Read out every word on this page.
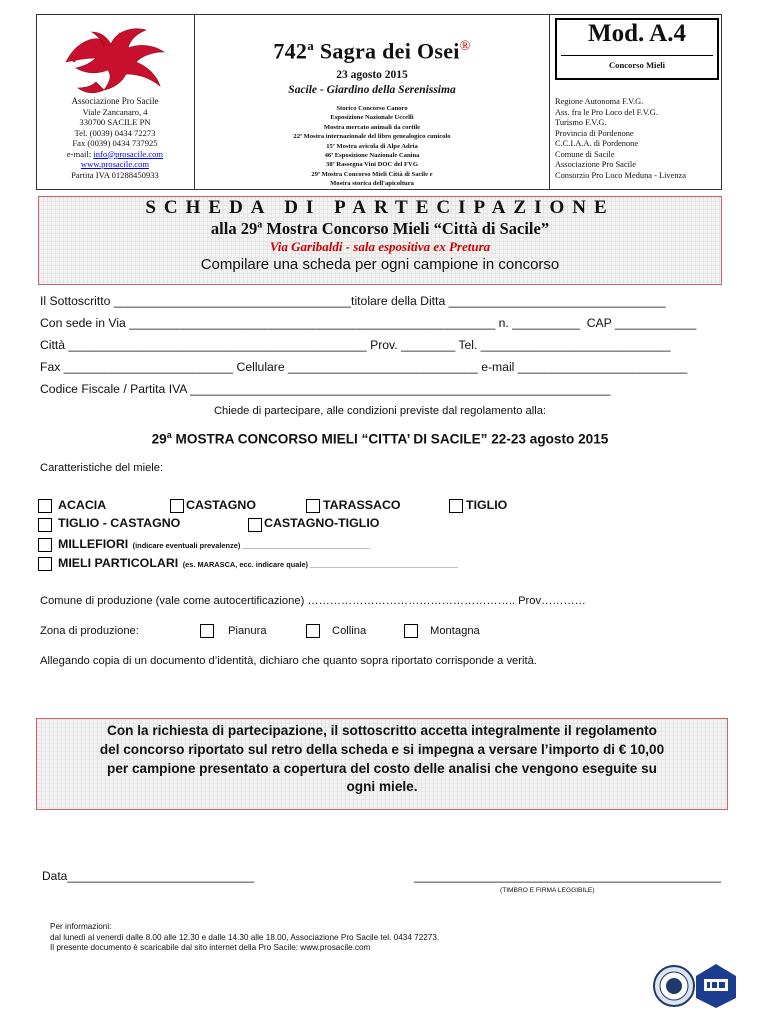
Associazione Pro Sacile
Viale Zancanaro, 4
330700 SACILE PN
Tel. (0039) 0434 72273
Fax (0039) 0434 737925
e-mail: info@prosacile.com
www.prosacile.com
Partita IVA 01288450933
742$^a$ Sagra dei Osei®
23 agosto 2015
Sacile - Giardino della Serenissima
Storico Concorso Canoro
Esposizione Nazionale Uccelli
Mostra mercato animali da cortile
22ª Mostra internazionale del libro genealogico cunicolo
15ª Mostra avicola di Alpe Adria
46ª Esposizione Nazionale Canina
38ª Rassegna Vini DOC del FVG
29ª Mostra Concorso Mieli Città di Sacile e
Mostra storica dell'apicoltura
Mod. A.4
Concorso Mieli
Regione Autonoma F.V.G.
Ass. fra le Pro Loco del F.V.G.
Turismo F.V.G.
Provincia di Pordenone
C.C.I.A.A. di Pordenone
Comune di Sacile
Associazione Pro Sacile
Consorzio Pro Loco Meduna - Livenza
SCHEDA DI PARTECIPAZIONE
alla 29$^a$ Mostra Concorso Mieli “Città di Sacile”
Via Garibaldi - sala espositiva ex Pretura
Compilare una scheda per ogni campione in concorso
Il Sottoscritto ___________________________________titolare della Ditta ________________________________
Con sede in Via ______________________________________________________ n. __________  CAP ____________
Città ____________________________________________ Prov. ________ Tel. ____________________________
Fax _________________________ Cellulare ____________________________ e-mail _________________________
Codice Fiscale / Partita IVA ______________________________________________________________
Chiede di partecipare, alle condizioni previste dal regolamento alla:
29$^a$ MOSTRA CONCORSO MIELI “CITTA’ DI SACILE” 22-23 agosto 2015
Caratteristiche del miele:
ACACIA	CASTAGNO	TARASSACO	TIGLIO
TIGLIO - CASTAGNO	CASTAGNO-TIGLIO
MILLEFIORI (indicare eventuali prevalenze) _______________________________
MIELI PARTICOLARI (es. MARASCA, ecc. indicare quale) ____________________________________
Comune di produzione (vale come autocertificazione) ……………………………………………….. Prov…………
Zona di produzione:	Pianura	Collina	Montagna
Allegando copia di un documento d’identità, dichiaro che quanto sopra riportato corrisponde a verità.
Con la richiesta di partecipazione, il sottoscritto accetta integralmente il regolamento
del concorso riportato sul retro della scheda e si impegna a versare l’importo di € 10,00
per campione presentato a copertura del costo delle analisi che vengono eseguite su
ogni miele.
Data____________________________	______________________________________________
(TIMBRO E FIRMA LEGGIBILE)
Per informazioni:
dal lunedì al venerdì dalle 8.00 alle 12.30 e dalle 14.30 alle 18.00, Associazione Pro Sacile tel. 0434 72273.
Il presente documento è scaricabile dal sito internet della Pro Sacile: www.prosacile.com
